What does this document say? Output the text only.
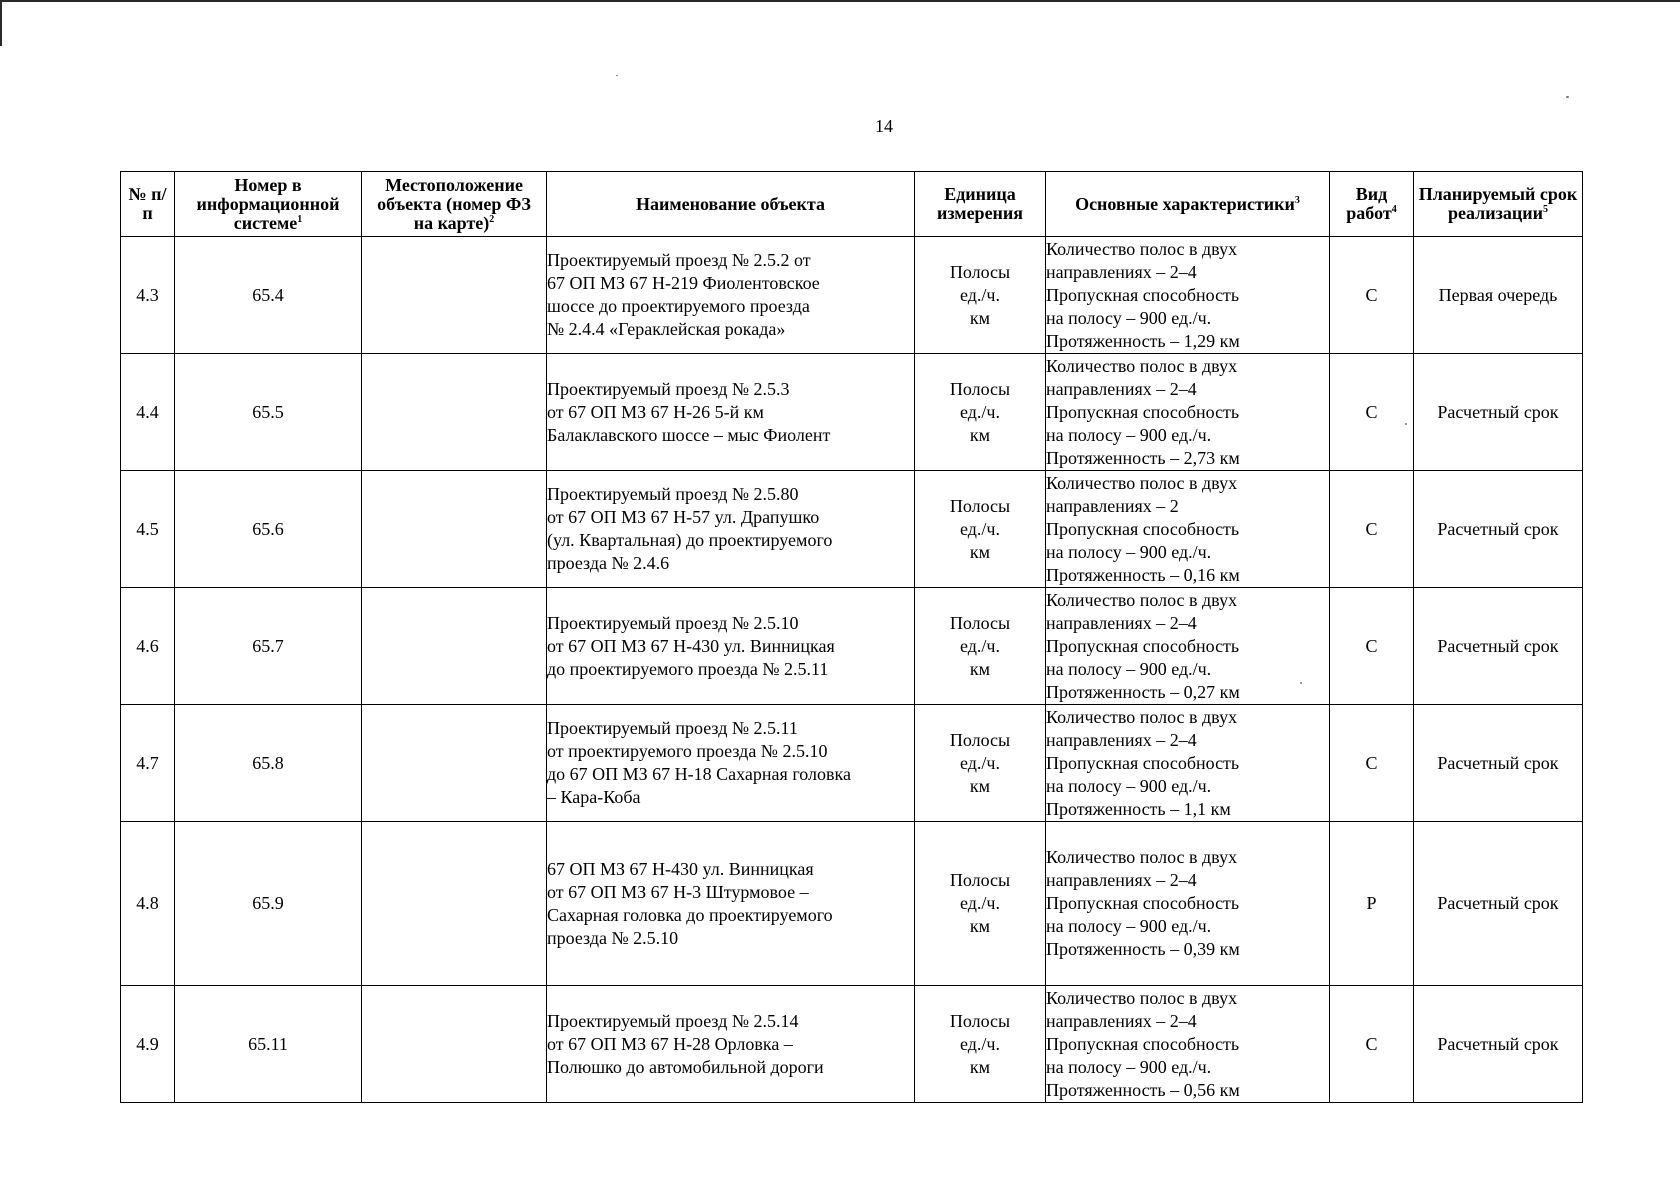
14
№ п/п	Номер в информационной системе$^1$	Местоположение объекта (номер ФЗ на карте)$^2$	Наименование объекта	Единица измерения	Основные характеристики$^3$	Вид работ$^4$	Планируемый срок реализации$^5$
4.3	65.4		Проектируемый проезд № 2.5.2 от
67 ОП МЗ 67 Н-219 Фиолентовское
шоссе до проектируемого проезда
№ 2.4.4 «Гераклейская рокада»	Полосы
ед./ч.
км	Количество полос в двух
направлениях – 2–4
Пропускная способность
на полосу – 900 ед./ч.
Протяженность – 1,29 км	С	Первая очередь
4.4	65.5		Проектируемый проезд № 2.5.3
от 67 ОП МЗ 67 Н-26 5-й км
Балаклавского шоссе – мыс Фиолент	Полосы
ед./ч.
км	Количество полос в двух
направлениях – 2–4
Пропускная способность
на полосу – 900 ед./ч.
Протяженность – 2,73 км	С	Расчетный срок
4.5	65.6		Проектируемый проезд № 2.5.80
от 67 ОП МЗ 67 Н-57 ул. Драпушко
(ул. Квартальная) до проектируемого
проезда № 2.4.6	Полосы
ед./ч.
км	Количество полос в двух
направлениях – 2
Пропускная способность
на полосу – 900 ед./ч.
Протяженность – 0,16 км	С	Расчетный срок
4.6	65.7		Проектируемый проезд № 2.5.10
от 67 ОП МЗ 67 Н-430 ул. Винницкая
до проектируемого проезда № 2.5.11	Полосы
ед./ч.
км	Количество полос в двух
направлениях – 2–4
Пропускная способность
на полосу – 900 ед./ч.
Протяженность – 0,27 км	С	Расчетный срок
4.7	65.8		Проектируемый проезд № 2.5.11
от проектируемого проезда № 2.5.10
до 67 ОП МЗ 67 Н-18 Сахарная головка
– Кара-Коба	Полосы
ед./ч.
км	Количество полос в двух
направлениях – 2–4
Пропускная способность
на полосу – 900 ед./ч.
Протяженность – 1,1 км	С	Расчетный срок
4.8	65.9		67 ОП МЗ 67 Н-430 ул. Винницкая
от 67 ОП МЗ 67 Н-3 Штурмовое –
Сахарная головка до проектируемого
проезда № 2.5.10	Полосы
ед./ч.
км	Количество полос в двух
направлениях – 2–4
Пропускная способность
на полосу – 900 ед./ч.
Протяженность – 0,39 км	Р	Расчетный срок
4.9	65.11		Проектируемый проезд № 2.5.14
от 67 ОП МЗ 67 Н-28 Орловка –
Полюшко до автомобильной дороги	Полосы
ед./ч.
км	Количество полос в двух
направлениях – 2–4
Пропускная способность
на полосу – 900 ед./ч.
Протяженность – 0,56 км	С	Расчетный срок
